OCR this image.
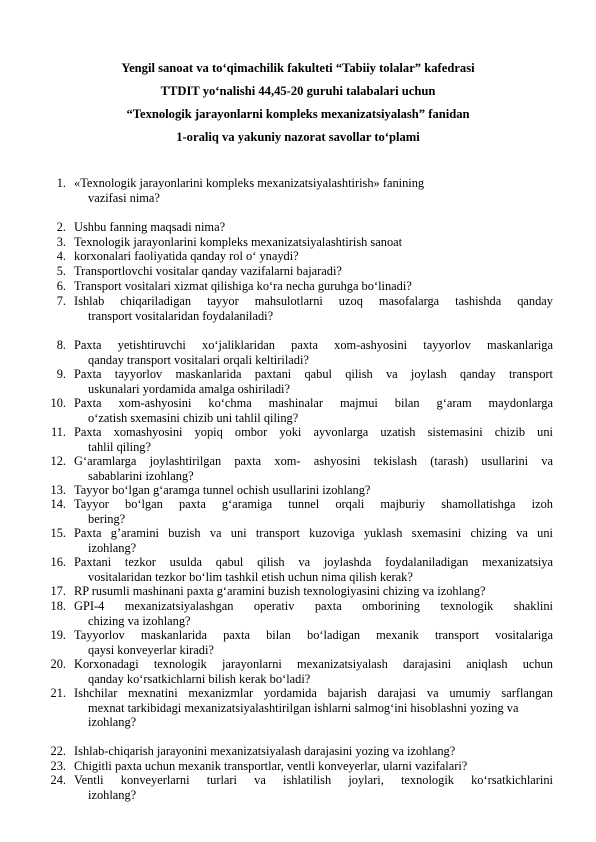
Yengil sanoat va to‘qimachilik fakulteti “Tabiiy tolalar” kafedrasi
TTDIT yo‘nalishi 44,45-20 guruhi talabalari uchun
“Texnologik jarayonlarni kompleks mexanizatsiyalash” fanidan
1-oraliq va yakuniy nazorat savollar to‘plami
1. «Texnologik jarayonlarini kompleks mexanizatsiyalashtirish» fanining
vazifasi nima?
2. Ushbu fanning maqsadi nima?
3. Texnologik jarayonlarini kompleks mexanizatsiyalashtirish sanoat
4. korxonalari faoliyatida qanday rol o‘ ynaydi?
5. Transportlovchi vositalar qanday vazifalarni bajaradi?
6. Transport vositalari xizmat qilishiga ko‘ra necha guruhga bo‘linadi?
7. Ishlab chiqariladigan tayyor mahsulotlarni uzoq masofalarga tashishda qanday
transport vositalaridan foydalaniladi?
8. Paxta yetishtiruvchi xo‘jaliklaridan paxta xom-ashyosini tayyorlov maskanlariga
qanday transport vositalari orqali keltiriladi?
9. Paxta tayyorlov maskanlarida paxtani qabul qilish va joylash qanday transport
uskunalari yordamida amalga oshiriladi?
10. Paxta xom-ashyosini ko‘chma mashinalar majmui bilan g‘aram maydonlarga
o‘zatish sxemasini chizib uni tahlil qiling?
11. Paxta xomashyosini yopiq ombor yoki ayvonlarga uzatish sistemasini chizib uni
tahlil qiling?
12. G‘aramlarga joylashtirilgan paxta xom- ashyosini tekislash (tarash) usullarini va
sabablarini izohlang?
13. Tayyor bo‘lgan g‘aramga tunnel ochish usullarini izohlang?
14. Tayyor bo‘lgan paxta g‘aramiga tunnel orqali majburiy shamollatishga izoh
bering?
15. Paxta g’aramini buzish va uni transport kuzoviga yuklash sxemasini chizing va uni
izohlang?
16. Paxtani tezkor usulda qabul qilish va joylashda foydalaniladigan mexanizatsiya
vositalaridan tezkor bo‘lim tashkil etish uchun nima qilish kerak?
17. RP rusumli mashinani paxta g‘aramini buzish texnologiyasini chizing va izohlang?
18. GPI-4 mexanizatsiyalashgan operativ paxta omborining texnologik shaklini
chizing va izohlang?
19. Tayyorlov maskanlarida paxta bilan bo‘ladigan mexanik transport vositalariga
qaysi konveyerlar kiradi?
20. Korxonadagi texnologik jarayonlarni mexanizatsiyalash darajasini aniqlash uchun
qanday ko‘rsatkichlarni bilish kerak bo‘ladi?
21. Ishchilar mexnatini mexanizmlar yordamida bajarish darajasi va umumiy sarflangan
mexnat tarkibidagi mexanizatsiyalashtirilgan ishlarni salmog‘ini hisoblashni yozing va izohlang?
22. Ishlab-chiqarish jarayonini mexanizatsiyalash darajasini yozing va izohlang?
23. Chigitli paxta uchun mexanik transportlar, ventli konveyerlar, ularni vazifalari?
24. Ventli konveyerlarni turlari va ishlatilish joylari, texnologik ko‘rsatkichlarini
izohlang?
